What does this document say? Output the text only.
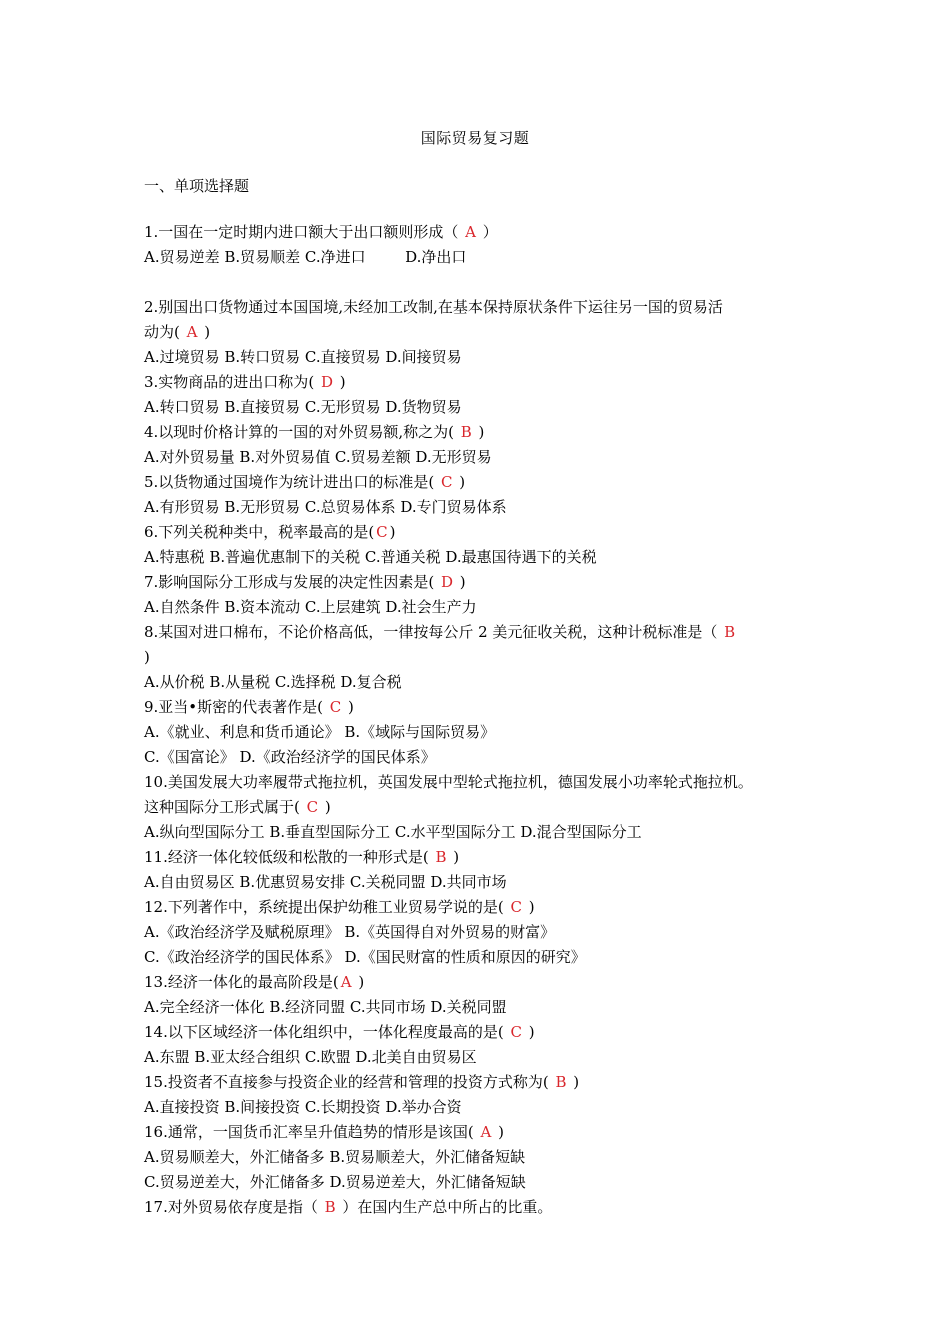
国际贸易复习题
一、单项选择题
1.一国在一定时期内进口额大于出口额则形成（ A ）
A.贸易逆差 B.贸易顺差 C.净进口 　　 D.净出口
2.别国出口货物通过本国国境,未经加工改制,在基本保持原状条件下运往另一国的贸易活
动为( A )
A.过境贸易 B.转口贸易 C.直接贸易 D.间接贸易
3.实物商品的进出口称为( D )
A.转口贸易 B.直接贸易 C.无形贸易 D.货物贸易
4.以现时价格计算的一国的对外贸易额,称之为( B )
A.对外贸易量 B.对外贸易值 C.贸易差额 D.无形贸易
5.以货物通过国境作为统计进出口的标准是( C )
A.有形贸易 B.无形贸易 C.总贸易体系 D.专门贸易体系
6.下列关税种类中，税率最高的是( C )
A.特惠税 B.普遍优惠制下的关税 C.普通关税 D.最惠国待遇下的关税
7.影响国际分工形成与发展的决定性因素是( D )
A.自然条件 B.资本流动 C.上层建筑 D.社会生产力
8.某国对进口棉布，不论价格高低，一律按每公斤 2 美元征收关税，这种计税标准是（ B
)
A.从价税 B.从量税 C.选择税 D.复合税
9.亚当•斯密的代表著作是( C )
A.《就业、利息和货币通论》 B.《域际与国际贸易》
C.《国富论》 D.《政治经济学的国民体系》
10.美国发展大功率履带式拖拉机，英国发展中型轮式拖拉机，德国发展小功率轮式拖拉机。
这种国际分工形式属于( C )
A.纵向型国际分工 B.垂直型国际分工 C.水平型国际分工 D.混合型国际分工
11.经济一体化较低级和松散的一种形式是( B )
A.自由贸易区 B.优惠贸易安排 C.关税同盟 D.共同市场
12.下列著作中，系统提出保护幼稚工业贸易学说的是( C )
A.《政治经济学及赋税原理》 B.《英国得自对外贸易的财富》
C.《政治经济学的国民体系》 D.《国民财富的性质和原因的研究》
13.经济一体化的最高阶段是( A )
A.完全经济一体化 B.经济同盟 C.共同市场 D.关税同盟
14.以下区域经济一体化组织中，一体化程度最高的是( C )
A.东盟 B.亚太经合组织 C.欧盟 D.北美自由贸易区
15.投资者不直接参与投资企业的经营和管理的投资方式称为( B )
A.直接投资 B.间接投资 C.长期投资 D.举办合资
16.通常，一国货币汇率呈升值趋势的情形是该国( A )
A.贸易顺差大，外汇储备多 B.贸易顺差大，外汇储备短缺
C.贸易逆差大，外汇储备多 D.贸易逆差大，外汇储备短缺
17.对外贸易依存度是指（ B ）在国内生产总中所占的比重。
